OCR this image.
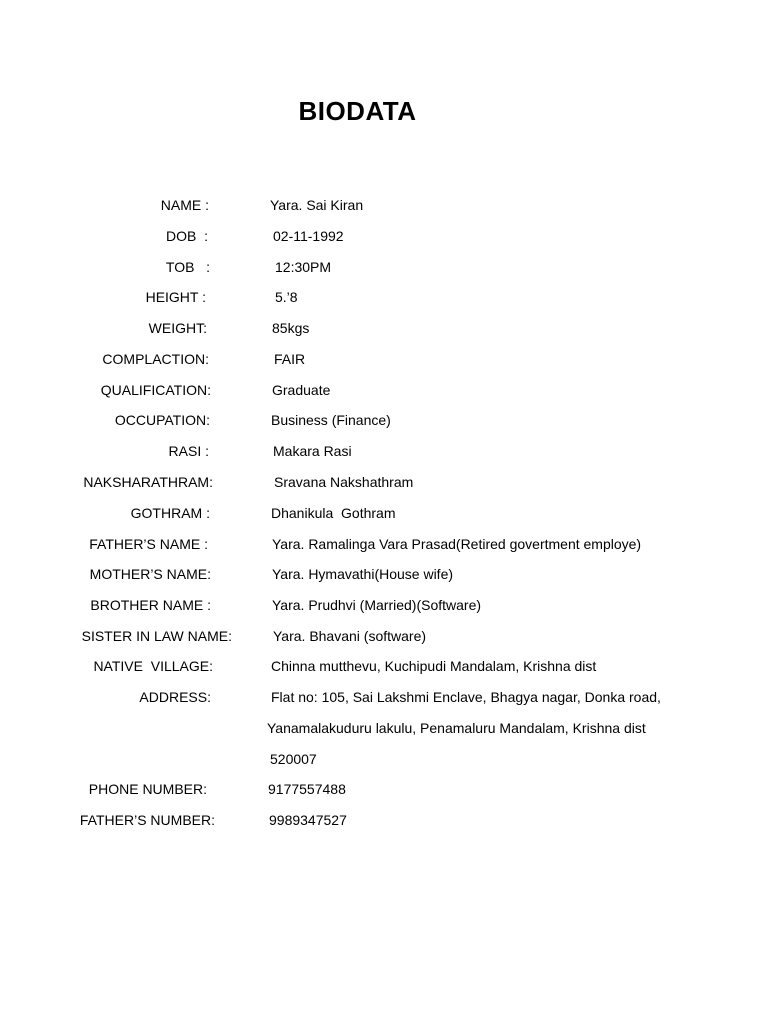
BIODATA
NAME :	Yara. Sai Kiran
DOB  :	02-11-1992
TOB   :	12:30PM
HEIGHT :	5.’8
WEIGHT:	85kgs
COMPLACTION:	FAIR
QUALIFICATION:	Graduate
OCCUPATION:	Business (Finance)
RASI :	Makara Rasi
NAKSHARATHRAM:	Sravana Nakshathram
GOTHRAM :	Dhanikula  Gothram
FATHER’S NAME :	Yara. Ramalinga Vara Prasad(Retired govertment employe)
MOTHER’S NAME:	Yara. Hymavathi(House wife)
BROTHER NAME :	Yara. Prudhvi (Married)(Software)
SISTER IN LAW NAME:	Yara. Bhavani (software)
NATIVE  VILLAGE:	Chinna mutthevu, Kuchipudi Mandalam, Krishna dist
ADDRESS:	Flat no: 105, Sai Lakshmi Enclave, Bhagya nagar, Donka road,
Yanamalakuduru lakulu, Penamaluru Mandalam, Krishna dist
520007
PHONE NUMBER:	9177557488
FATHER’S NUMBER:	9989347527
